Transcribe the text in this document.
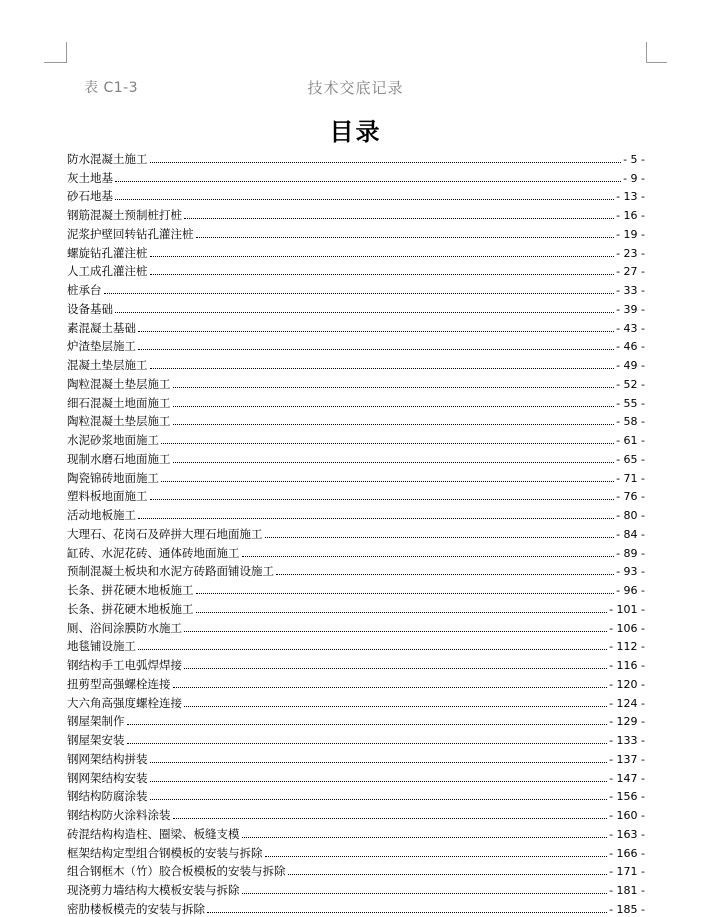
表 C1-3	技术交底记录
目录
防水混凝土施工	- 5 -
灰土地基	- 9 -
砂石地基	- 13 -
钢筋混凝土预制桩打桩	- 16 -
泥浆护壁回转钻孔灌注桩	- 19 -
螺旋钻孔灌注桩	- 23 -
人工成孔灌注桩	- 27 -
桩承台	- 33 -
设备基础	- 39 -
素混凝土基础	- 43 -
炉渣垫层施工	- 46 -
混凝土垫层施工	- 49 -
陶粒混凝土垫层施工	- 52 -
细石混凝土地面施工	- 55 -
陶粒混凝土垫层施工	- 58 -
水泥砂浆地面施工	- 61 -
现制水磨石地面施工	- 65 -
陶瓷锦砖地面施工	- 71 -
塑料板地面施工	- 76 -
活动地板施工	- 80 -
大理石、花岗石及碎拼大理石地面施工	- 84 -
缸砖、水泥花砖、通体砖地面施工	- 89 -
预制混凝土板块和水泥方砖路面铺设施工	- 93 -
长条、拼花硬木地板施工	- 96 -
长条、拼花硬木地板施工	- 101 -
厕、浴间涂膜防水施工	- 106 -
地毯铺设施工	- 112 -
钢结构手工电弧焊焊接	- 116 -
扭剪型高强螺栓连接	- 120 -
大六角高强度螺栓连接	- 124 -
钢屋架制作	- 129 -
钢屋架安装	- 133 -
钢网架结构拼装	- 137 -
钢网架结构安装	- 147 -
钢结构防腐涂装	- 156 -
钢结构防火涂料涂装	- 160 -
砖混结构构造柱、圈梁、板缝支模	- 163 -
框架结构定型组合钢模板的安装与拆除	- 166 -
组合钢框木（竹）胶合板模板的安装与拆除	- 171 -
现浇剪力墙结构大模板安装与拆除	- 181 -
密肋楼板模壳的安装与拆除	- 185 -
